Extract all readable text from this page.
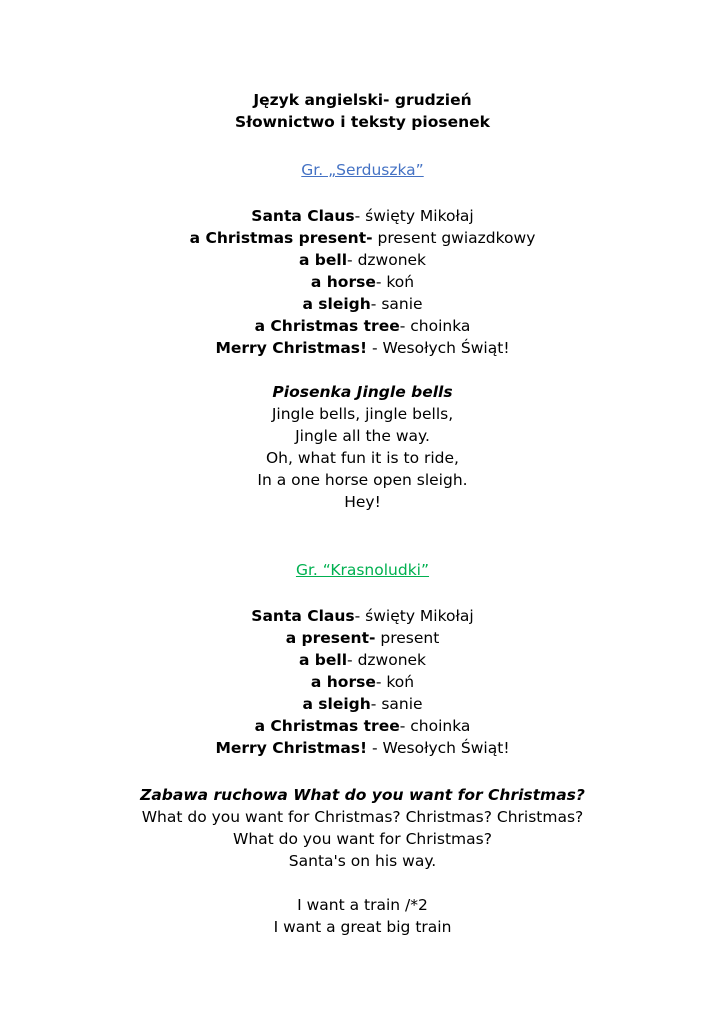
Język angielski- grudzień
Słownictwo i teksty piosenek
Gr. „Serduszka”
Santa Claus- święty Mikołaj
a Christmas present- present gwiazdkowy
a bell- dzwonek
a horse- koń
a sleigh- sanie
a Christmas tree- choinka
Merry Christmas! - Wesołych Świąt!
Piosenka Jingle bells
Jingle bells, jingle bells,
Jingle all the way.
Oh, what fun it is to ride,
In a one horse open sleigh.
Hey!
Gr. “Krasnoludki”
Santa Claus- święty Mikołaj
a present- present
a bell- dzwonek
a horse- koń
a sleigh- sanie
a Christmas tree- choinka
Merry Christmas! - Wesołych Świąt!
Zabawa ruchowa What do you want for Christmas?
What do you want for Christmas? Christmas? Christmas?
What do you want for Christmas?
Santa's on his way.
I want a train /*2
I want a great big train
